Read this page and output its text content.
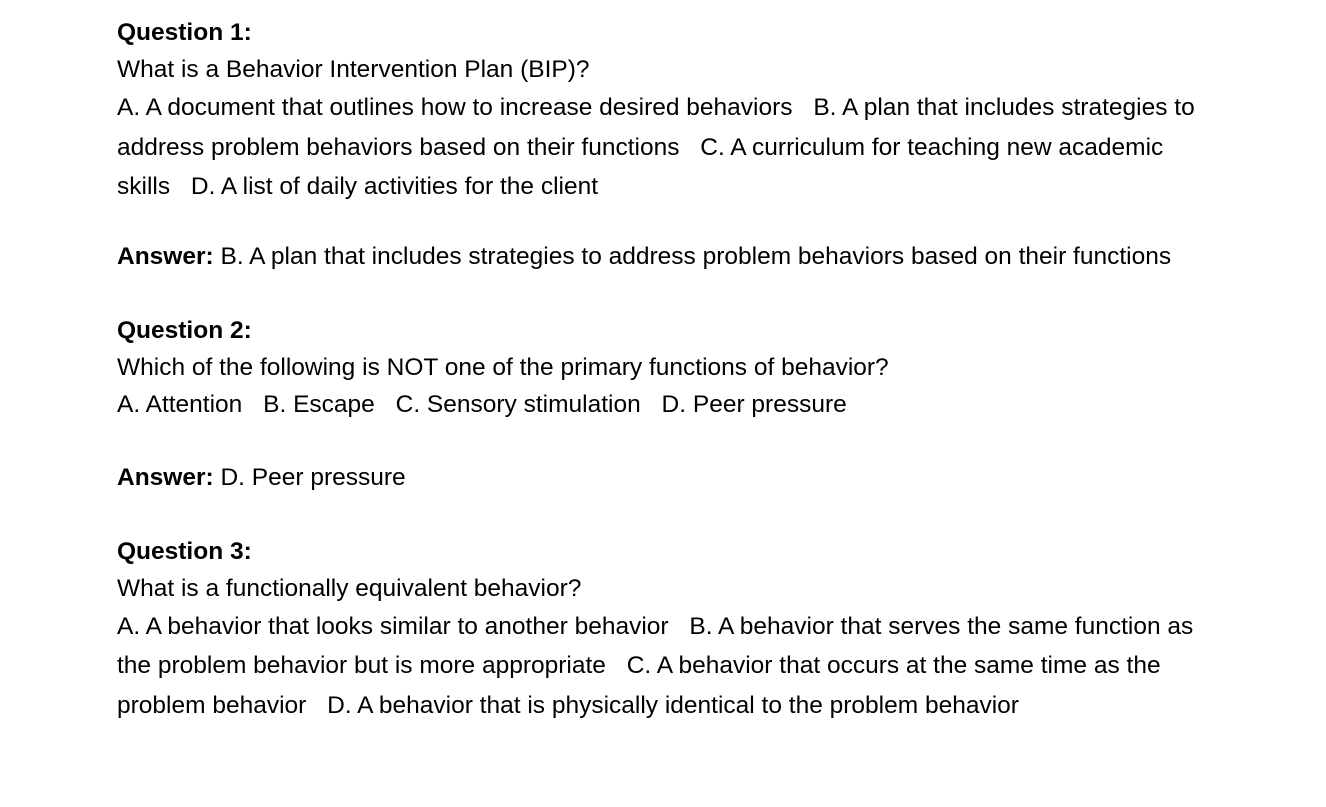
Question 1:

What is a Behavior Intervention Plan (BIP)?

A. A document that outlines how to increase desired behaviors B. A plan that includes strategies to address problem behaviors based on their functions C. A curriculum for teaching new academic skills D. A list of daily activities for the client

Answer: B. A plan that includes strategies to address problem behaviors based on their functions

Question 2:

Which of the following is NOT one of the primary functions of behavior?

A. Attention B. Escape C. Sensory stimulation D. Peer pressure

Answer: D. Peer pressure

Question 3:

What is a functionally equivalent behavior?

A. A behavior that looks similar to another behavior B. A behavior that serves the same function as the problem behavior but is more appropriate C. A behavior that occurs at the same time as the problem behavior D. A behavior that is physically identical to the problem behavior
